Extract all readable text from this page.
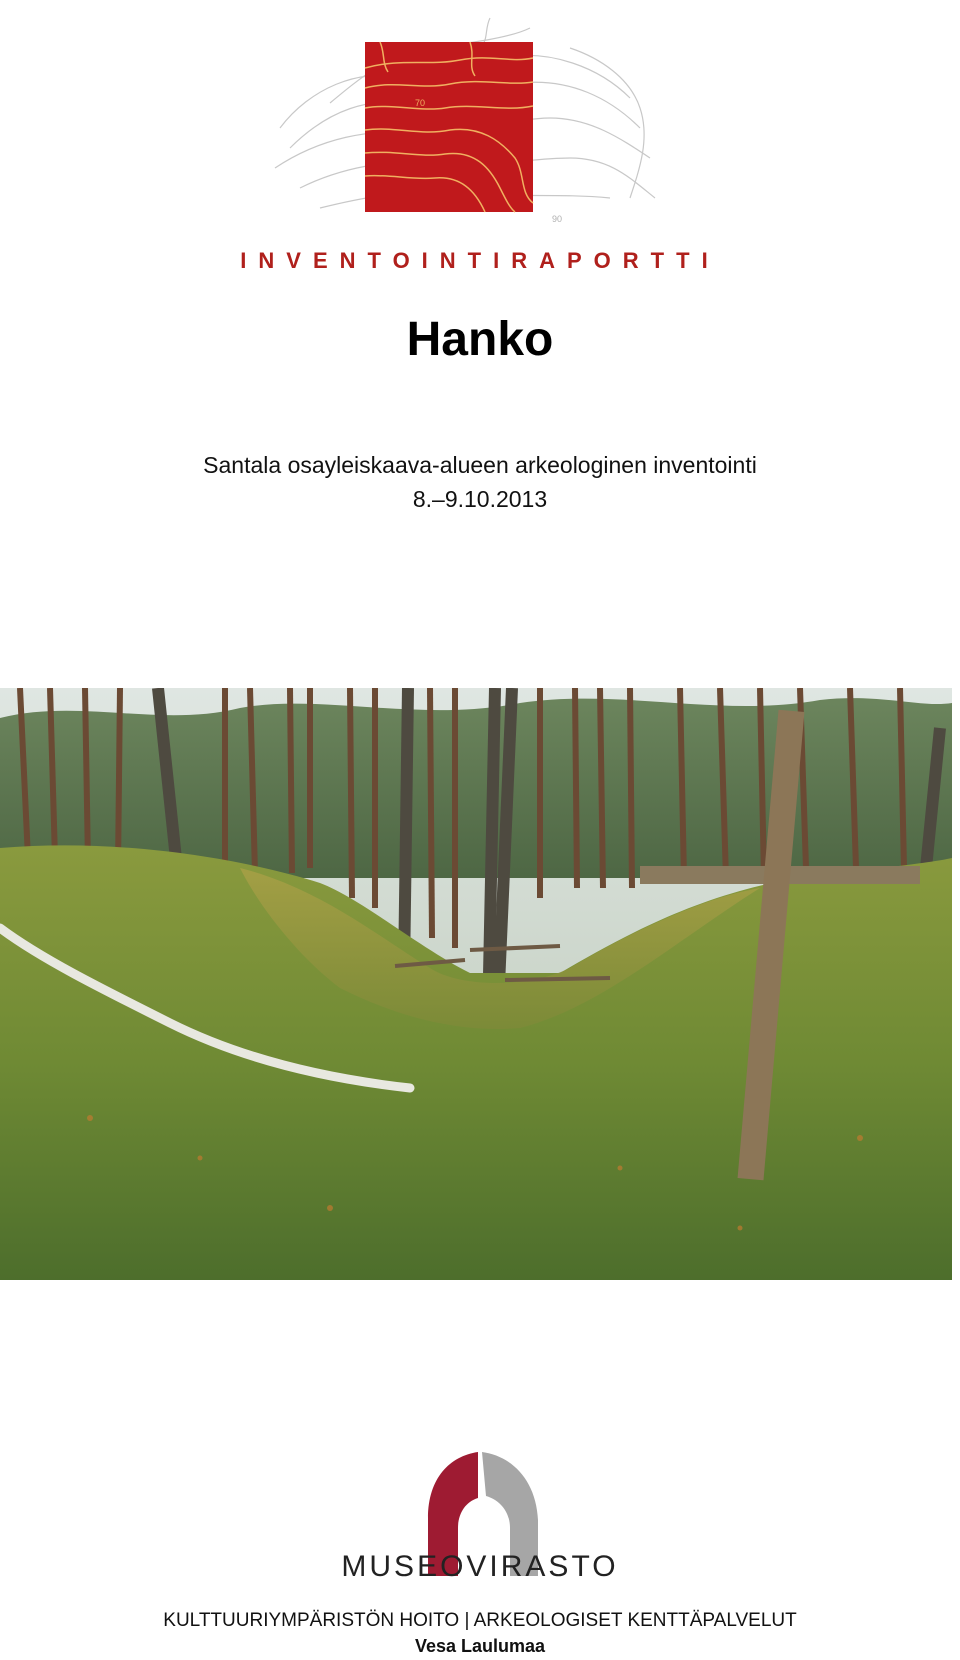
70
90
INVENTOINTIRAPORTTI
Hanko
Santala osayleiskaava-alueen arkeologinen inventointi
8.–9.10.2013
MUSEOVIRASTO
KULTTUURIYMPÄRISTÖN HOITO | ARKEOLOGISET KENTTÄPALVELUT
Vesa Laulumaa
